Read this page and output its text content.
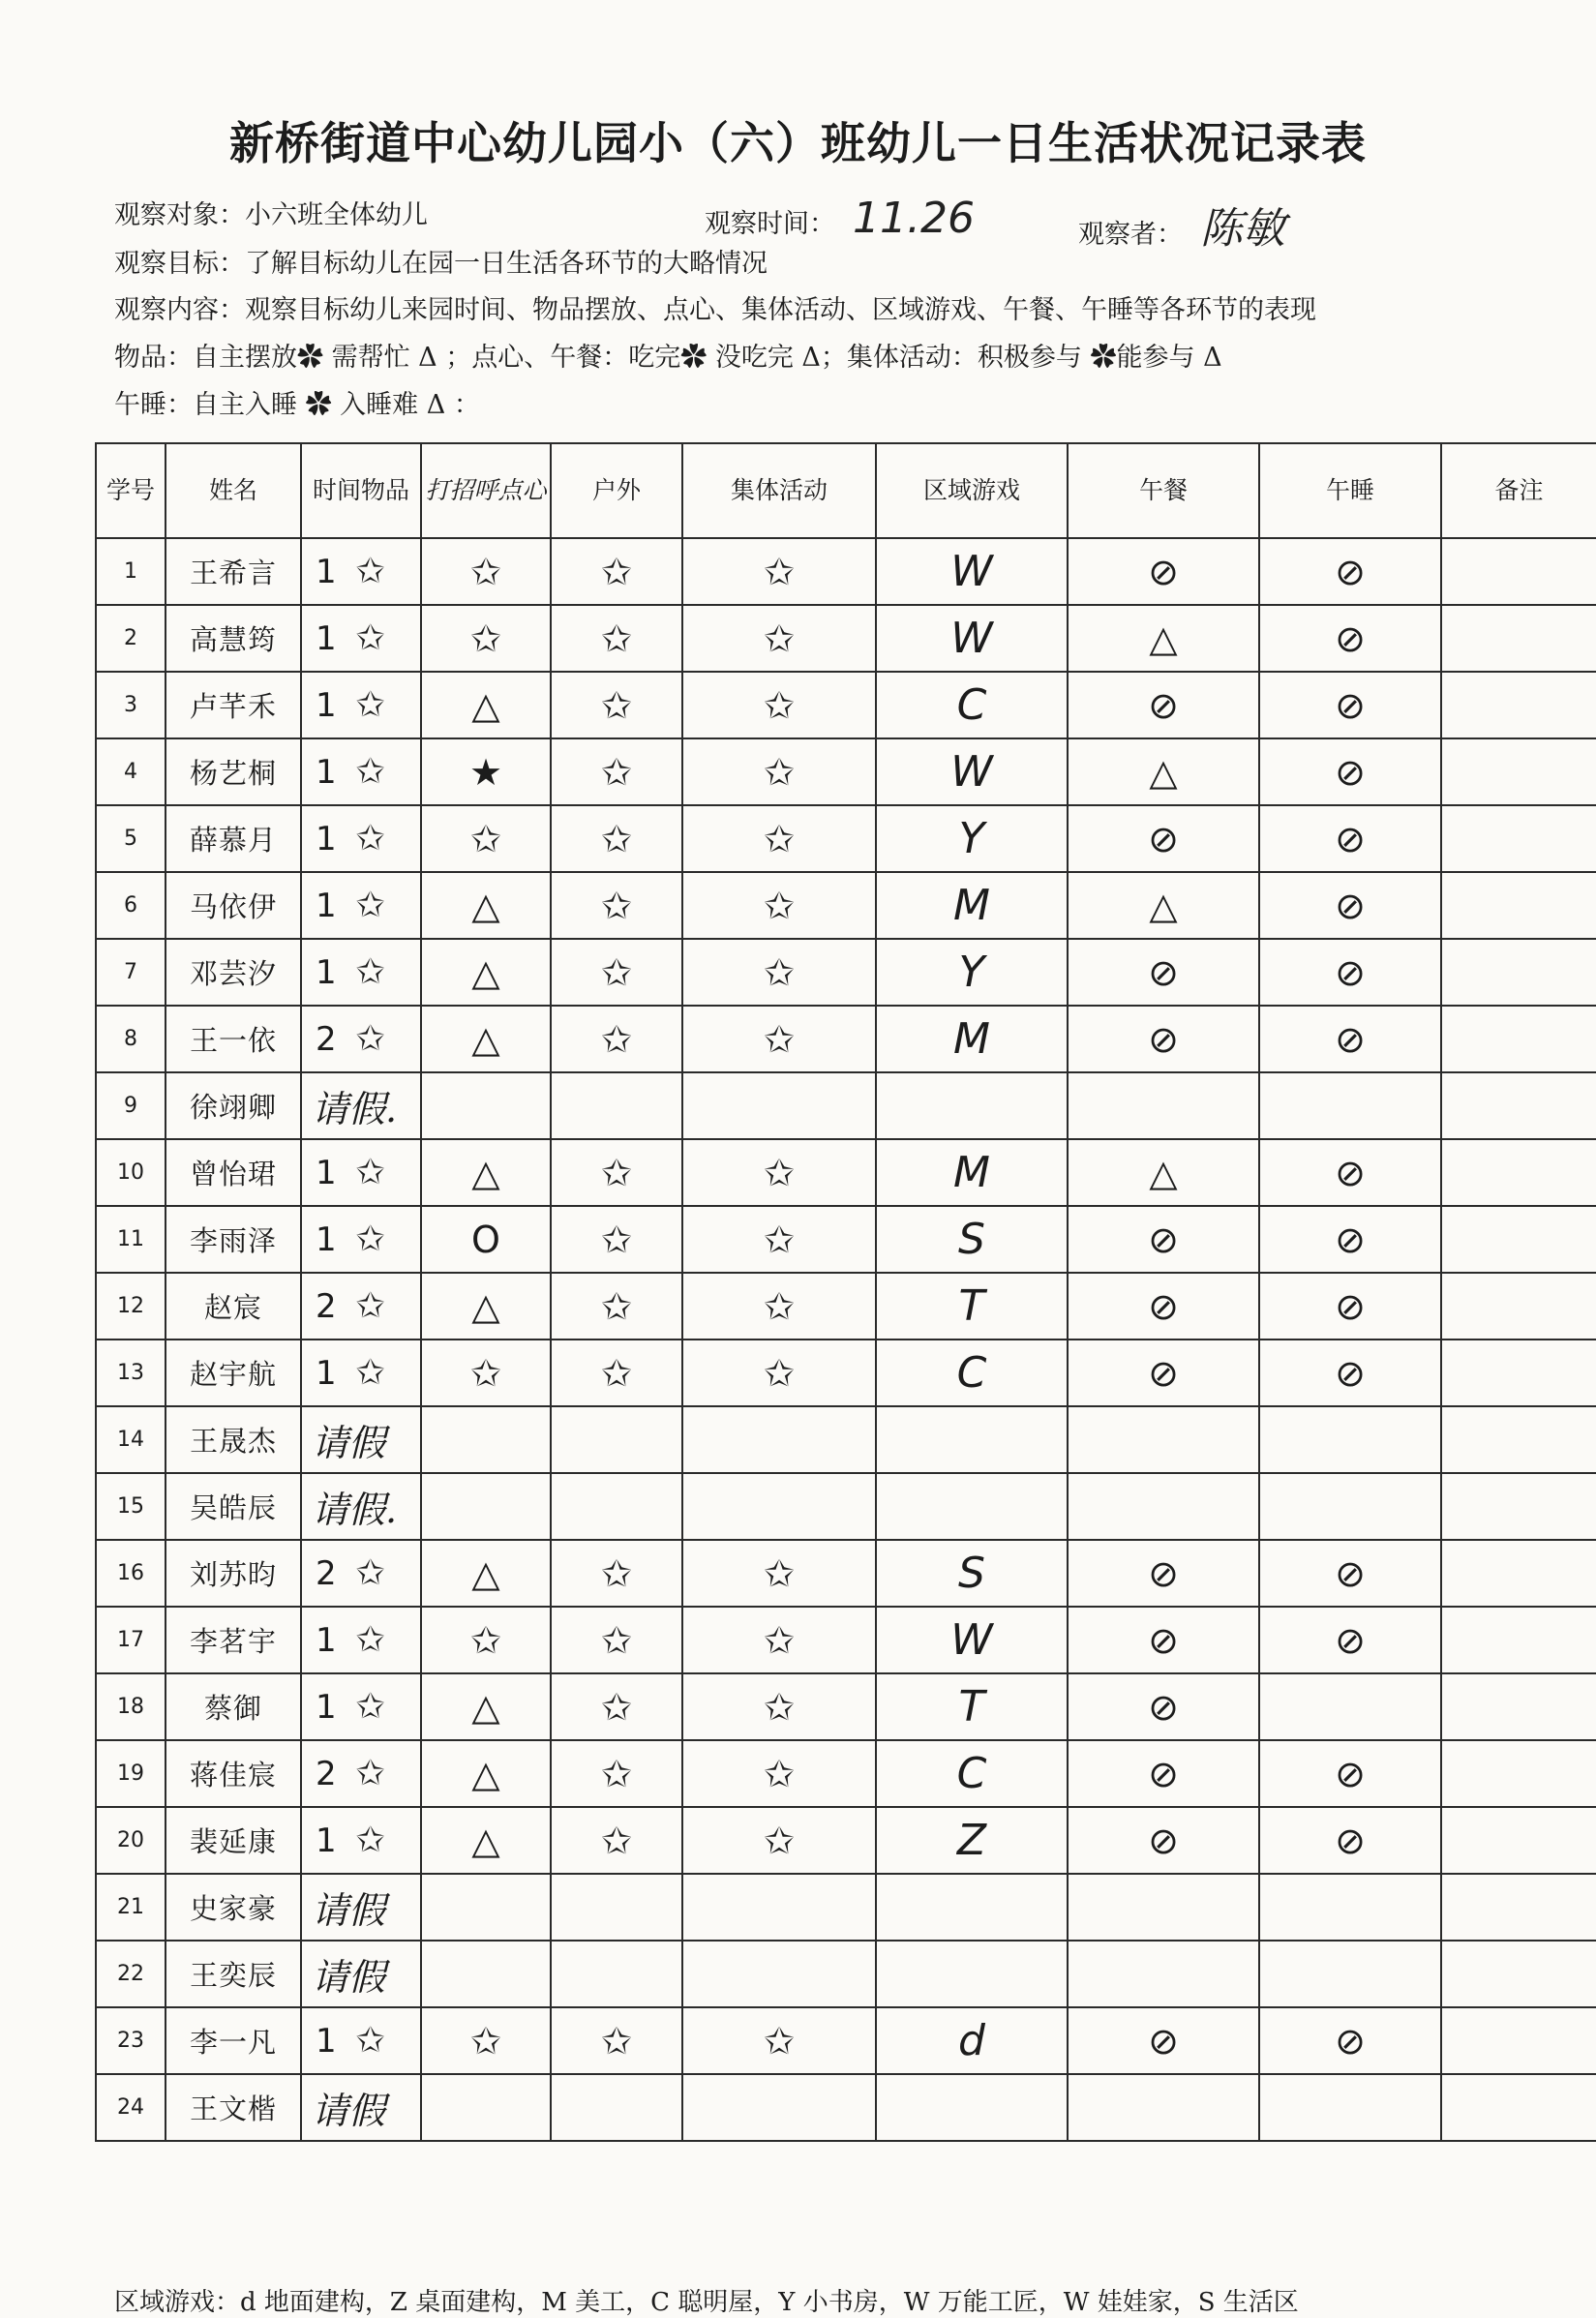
新桥街道中心幼儿园小（六）班幼儿一日生活状况记录表
观察对象：小六班全体幼儿	观察时间： 11.26	观察者： 陈敏
观察目标：了解目标幼儿在园一日生活各环节的大略情况
观察内容：观察目标幼儿来园时间、物品摆放、点心、集体活动、区域游戏、午餐、午睡等各环节的表现
物品：自主摆放✿ 需帮忙 Δ ；点心、午餐：吃完✿ 没吃完 Δ；集体活动：积极参与 ✿能参与 Δ
午睡：自主入睡 ✿ 入睡难 Δ ：
学号	姓名	时间物品	打招呼点心	户外	集体活动	区域游戏	午餐	午睡	备注
1	王希言	1 ✩	✩	✩	✩	W	⊘	⊘	
2	高慧筠	1 ✩	✩	✩	✩	W	△	⊘	
3	卢芊禾	1 ✩	△	✩	✩	C	⊘	⊘	
4	杨艺桐	1 ✩	★	✩	✩	W	△	⊘	
5	薛慕月	1 ✩	✩	✩	✩	Y	⊘	⊘	
6	马依伊	1 ✩	△	✩	✩	M	△	⊘	
7	邓芸汐	1 ✩	△	✩	✩	Y	⊘	⊘	
8	王一依	2 ✩	△	✩	✩	M	⊘	⊘	
9	徐翊卿	请假.							
10	曾怡珺	1 ✩	△	✩	✩	M	△	⊘	
11	李雨泽	1 ✩	O	✩	✩	S	⊘	⊘	
12	赵宸	2 ✩	△	✩	✩	T	⊘	⊘	
13	赵宇航	1 ✩	✩	✩	✩	C	⊘	⊘	
14	王晟杰	请假							
15	吴皓辰	请假.							
16	刘苏昀	2 ✩	△	✩	✩	S	⊘	⊘	
17	李茗宇	1 ✩	✩	✩	✩	W	⊘	⊘	
18	蔡御	1 ✩	△	✩	✩	T	⊘		
19	蒋佳宸	2 ✩	△	✩	✩	C	⊘	⊘	
20	裴延康	1 ✩	△	✩	✩	Z	⊘	⊘	
21	史家豪	请假							
22	王奕辰	请假							
23	李一凡	1 ✩	✩	✩	✩	d	⊘	⊘	
24	王文楷	请假							
区域游戏：d 地面建构，Z 桌面建构，M 美工，C 聪明屋，Y 小书房，W 万能工匠，W 娃娃家，S 生活区
